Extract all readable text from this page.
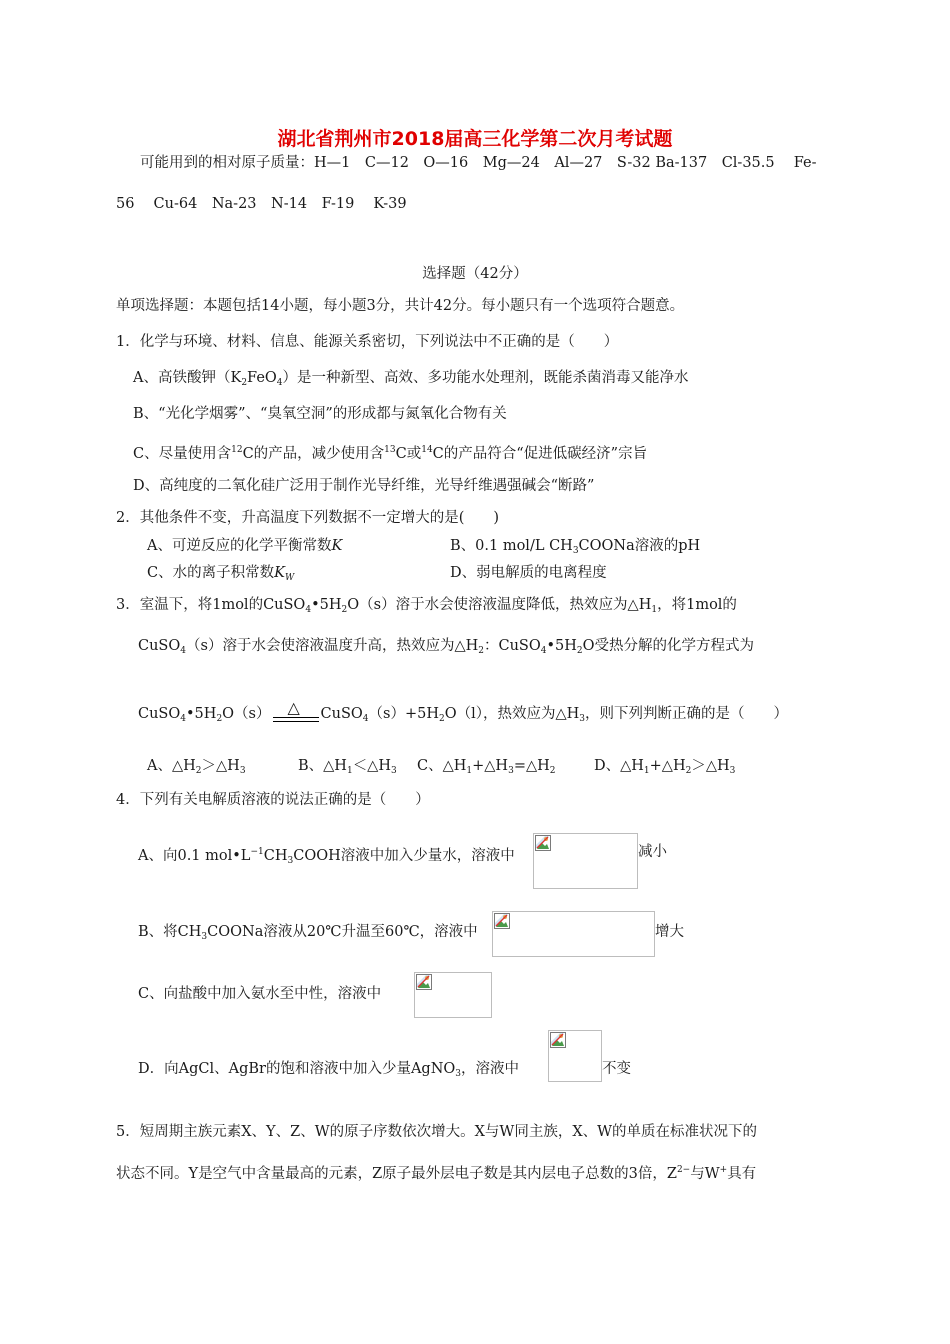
湖北省荆州市2018届高三化学第二次月考试题
可能用到的相对原子质量：H—1　C—12　O—16　Mg—24　Al—27　S-32 Ba-137　Cl-35.5　 Fe-
56　 Cu-64　Na-23　N-14　F-19　 K-39
选择题（42分）
单项选择题：本题包括14小题，每小题3分，共计42分。每小题只有一个选项符合题意。
1．化学与环境、材料、信息、能源关系密切，下列说法中不正确的是（　　）
A、高铁酸钾$(K_2FeO_4)$是一种新型、高效、多功能水处理剂，既能杀菌消毒又能净水
B、“光化学烟雾”、“臭氧空洞”的形成都与氮氧化合物有关
C、尽量使用含$^{12}$C的产品，减少使用含$^{13}$C或$^{14}$C的产品符合“促进低碳经济”宗旨
D、高纯度的二氧化硅广泛用于制作光导纤维，光导纤维遇强碱会“断路”
2．其他条件不变，升高温度下列数据不一定增大的是(　　)
A、可逆反应的化学平衡常数K	B、0.1 mol/L $CH_3COONa$溶液的pH
C、水的离子积常数$K_W$	D、弱电解质的电离程度
3．室温下，将1mol的$CuSO_4•5H_2O(s)$溶于水会使溶液温度降低，热效应为$\triangle H_1$，将1mol的
CuSO$_4$（s）溶于水会使溶液温度升高，热效应为$\triangle H_2$：$CuSO_4•5H_2O$受热分解的化学方程式为
$CuSO_4•5H_2O(s)$ △ $CuSO_4(s)+5H_2O(l)$，热效应为$\triangle H_3$，则下列判断正确的是（　　）
A、$\triangle H_2>\triangle H_3$	B、$\triangle H_1<\triangle H_3$ C、$\triangle H_1+\triangle H_3=\triangle H_2$	D、$\triangle H_1+\triangle H_2>\triangle H_3$
4．下列有关电解质溶液的说法正确的是（　　）
A、向0.1 $mol•L^{-1}CH_3COOH$溶液中加入少量水，溶液中	减小
B、将$CH_3COONa$溶液从20℃升温至60℃，溶液中	增大
C、向盐酸中加入氨水至中性，溶液中
D．向AgCl、AgBr的饱和溶液中加入少量AgNO$_3$，溶液中	不变
5．短周期主族元素X、Y、Z、W的原子序数依次增大。X与W同主族，X、W的单质在标准状况下的
状态不同。Y是空气中含量最高的元素，Z原子最外层电子数是其内层电子总数的3倍，$Z^{2-}$与W+具有
